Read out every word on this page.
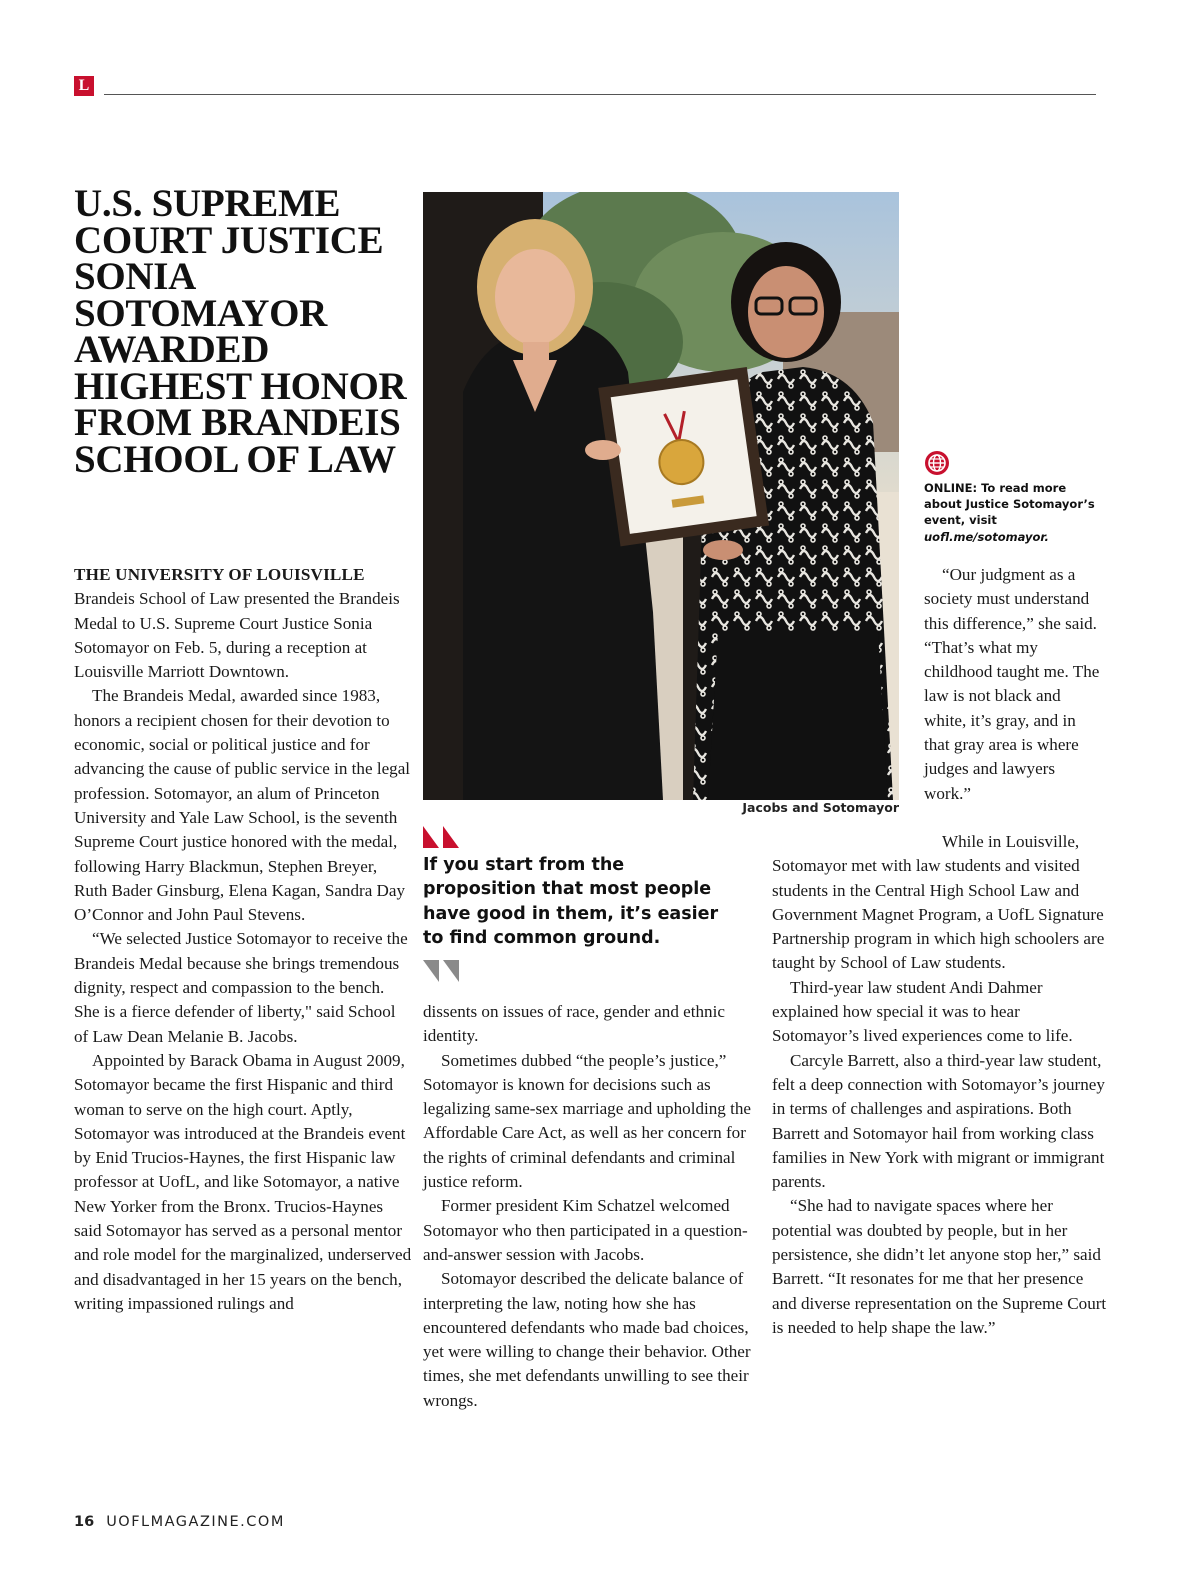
L
U.S. SUPREME COURT JUSTICE SONIA SOTOMAYOR AWARDED HIGHEST HONOR FROM BRANDEIS SCHOOL OF LAW
Jacobs and Sotomayor
ONLINE: To read more about Justice Sotomayor’s event, visit uofl.me/sotomayor.

If you start from the proposition that most people have good in them, it’s easier to find common ground.

THE UNIVERSITY OF LOUISVILLE
Brandeis School of Law presented the Brandeis Medal to U.S. Supreme Court Justice Sonia Sotomayor on Feb. 5, during a reception at Louisville Marriott Downtown.

The Brandeis Medal, awarded since 1983, honors a recipient chosen for their devotion to economic, social or political justice and for advancing the cause of public service in the legal profession. Sotomayor, an alum of Princeton University and Yale Law School, is the seventh Supreme Court justice honored with the medal, following Harry Blackmun, Stephen Breyer, Ruth Bader Ginsburg, Elena Kagan, Sandra Day O’Connor and John Paul Stevens.

“We selected Justice Sotomayor to receive the Brandeis Medal because she brings tremendous dignity, respect and compassion to the bench. She is a fierce defender of liberty," said School of Law Dean Melanie B. Jacobs.

Appointed by Barack Obama in August 2009, Sotomayor became the first Hispanic and third woman to serve on the high court. Aptly, Sotomayor was introduced at the Brandeis event by Enid Trucios-Haynes, the first Hispanic law professor at UofL, and like Sotomayor, a native New Yorker from the Bronx. Trucios-Haynes said Sotomayor has served as a personal mentor and role model for the marginalized, underserved and disadvantaged in her 15 years on the bench, writing impassioned rulings and

dissents on issues of race, gender and ethnic identity.

Sometimes dubbed “the people’s justice,” Sotomayor is known for decisions such as legalizing same-sex marriage and upholding the Affordable Care Act, as well as her concern for the rights of criminal defendants and criminal justice reform.

Former president Kim Schatzel welcomed Sotomayor who then participated in a question-and-answer session with Jacobs.

Sotomayor described the delicate balance of interpreting the law, noting how she has encountered defendants who made bad choices, yet were willing to change their behavior. Other times, she met defendants unwilling to see their wrongs.

“Our judgment as a society must understand this difference,” she said. “That’s what my childhood taught me. The law is not black and white, it’s gray, and in that gray area is where judges and lawyers work.”

While in Louisville, Sotomayor met with law students and visited students in the Central High School Law and Government Magnet Program, a UofL Signature Partnership program in which high schoolers are taught by School of Law students.

Third-year law student Andi Dahmer explained how special it was to hear Sotomayor’s lived experiences come to life.

Carcyle Barrett, also a third-year law student, felt a deep connection with Sotomayor’s journey in terms of challenges and aspirations. Both Barrett and Sotomayor hail from working class families in New York with migrant or immigrant parents.

“She had to navigate spaces where her potential was doubted by people, but in her persistence, she didn’t let anyone stop her,” said Barrett. “It resonates for me that her presence and diverse representation on the Supreme Court is needed to help shape the law.”

16 UOFLMAGAZINE.COM
